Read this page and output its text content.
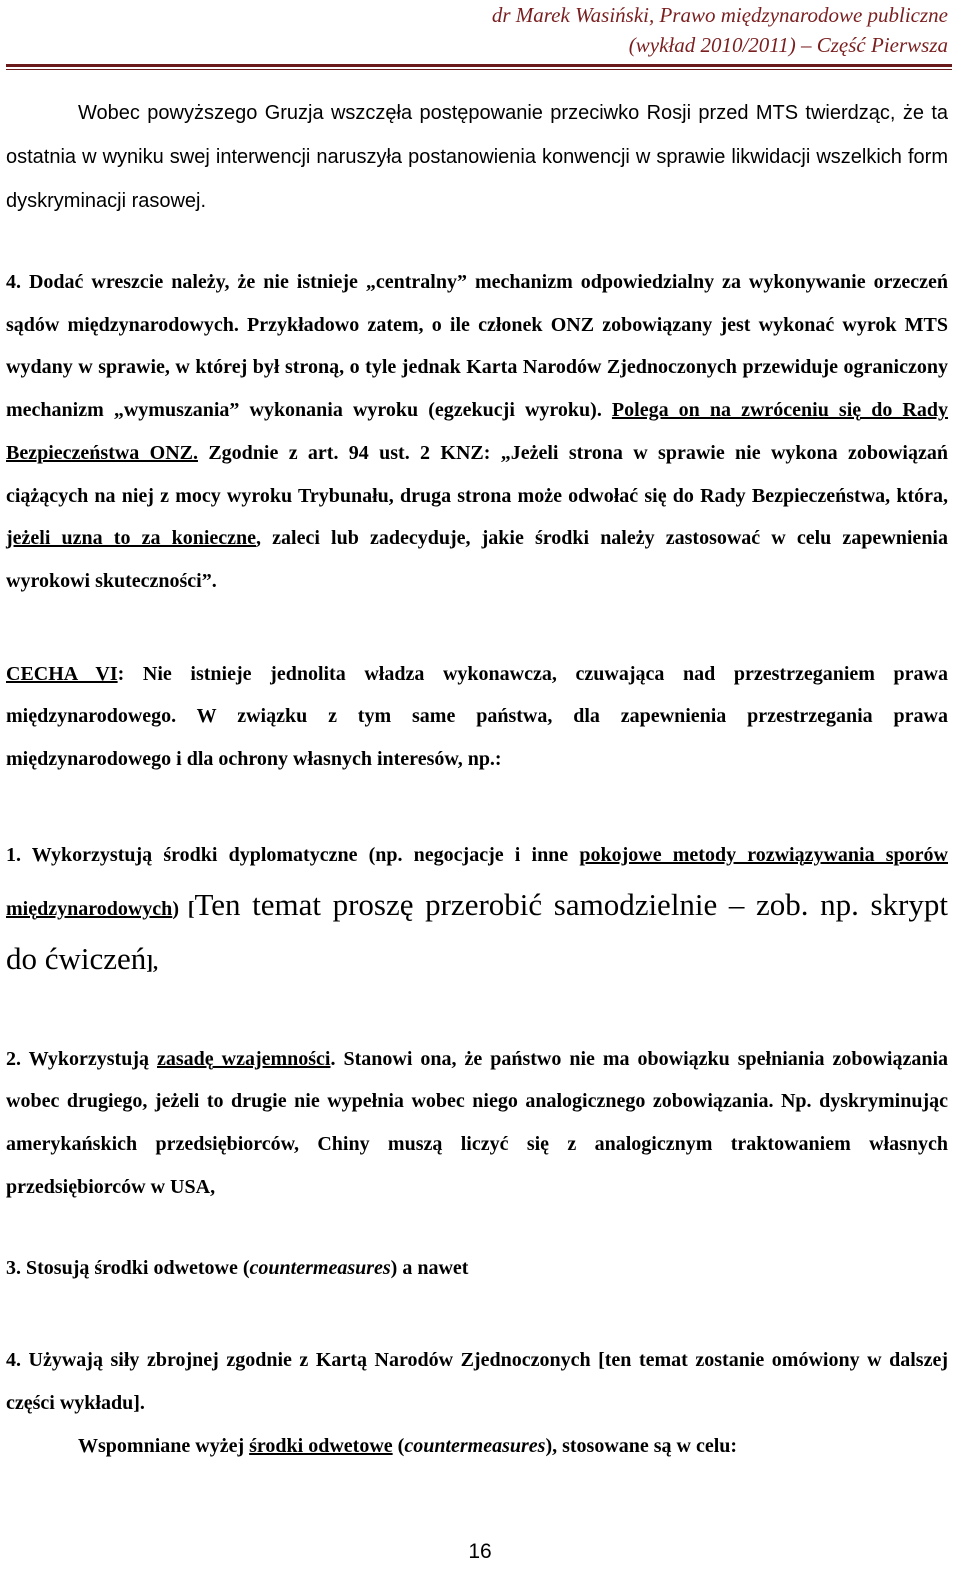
dr Marek Wasiński, Prawo międzynarodowe publiczne
(wykład 2010/2011) – Część Pierwsza

Wobec powyższego Gruzja wszczęła postępowanie przeciwko Rosji przed MTS twierdząc, że ta ostatnia w wyniku swej interwencji naruszyła postanowienia konwencji w sprawie likwidacji wszelkich form dyskryminacji rasowej.

4. Dodać wreszcie należy, że nie istnieje „centralny” mechanizm odpowiedzialny za wykonywanie orzeczeń sądów międzynarodowych. Przykładowo zatem, o ile członek ONZ zobowiązany jest wykonać wyrok MTS wydany w sprawie, w której był stroną, o tyle jednak Karta Narodów Zjednoczonych przewiduje ograniczony mechanizm „wymuszania” wykonania wyroku (egzekucji wyroku). Polega on na zwróceniu się do Rady Bezpieczeństwa ONZ. Zgodnie z art. 94 ust. 2 KNZ: „Jeżeli strona w sprawie nie wykona zobowiązań ciążących na niej z mocy wyroku Trybunału, druga strona może odwołać się do Rady Bezpieczeństwa, która, jeżeli uzna to za konieczne, zaleci lub zadecyduje, jakie środki należy zastosować w celu zapewnienia wyrokowi skuteczności”.

CECHA VI: Nie istnieje jednolita władza wykonawcza, czuwająca nad przestrzeganiem prawa międzynarodowego. W związku z tym same państwa, dla zapewnienia przestrzegania prawa międzynarodowego i dla ochrony własnych interesów, np.:

1. Wykorzystują środki dyplomatyczne (np. negocjacje i inne pokojowe metody rozwiązywania sporów międzynarodowych) [Ten temat proszę przerobić samodzielnie – zob. np. skrypt do ćwiczeń],

2. Wykorzystują zasadę wzajemności. Stanowi ona, że państwo nie ma obowiązku spełniania zobowiązania wobec drugiego, jeżeli to drugie nie wypełnia wobec niego analogicznego zobowiązania. Np. dyskryminując amerykańskich przedsiębiorców, Chiny muszą liczyć się z analogicznym traktowaniem własnych przedsiębiorców w USA,

3. Stosują środki odwetowe (countermeasures) a nawet

4. Używają siły zbrojnej zgodnie z Kartą Narodów Zjednoczonych [ten temat zostanie omówiony w dalszej części wykładu].

Wspomniane wyżej środki odwetowe (countermeasures), stosowane są w celu:

16
